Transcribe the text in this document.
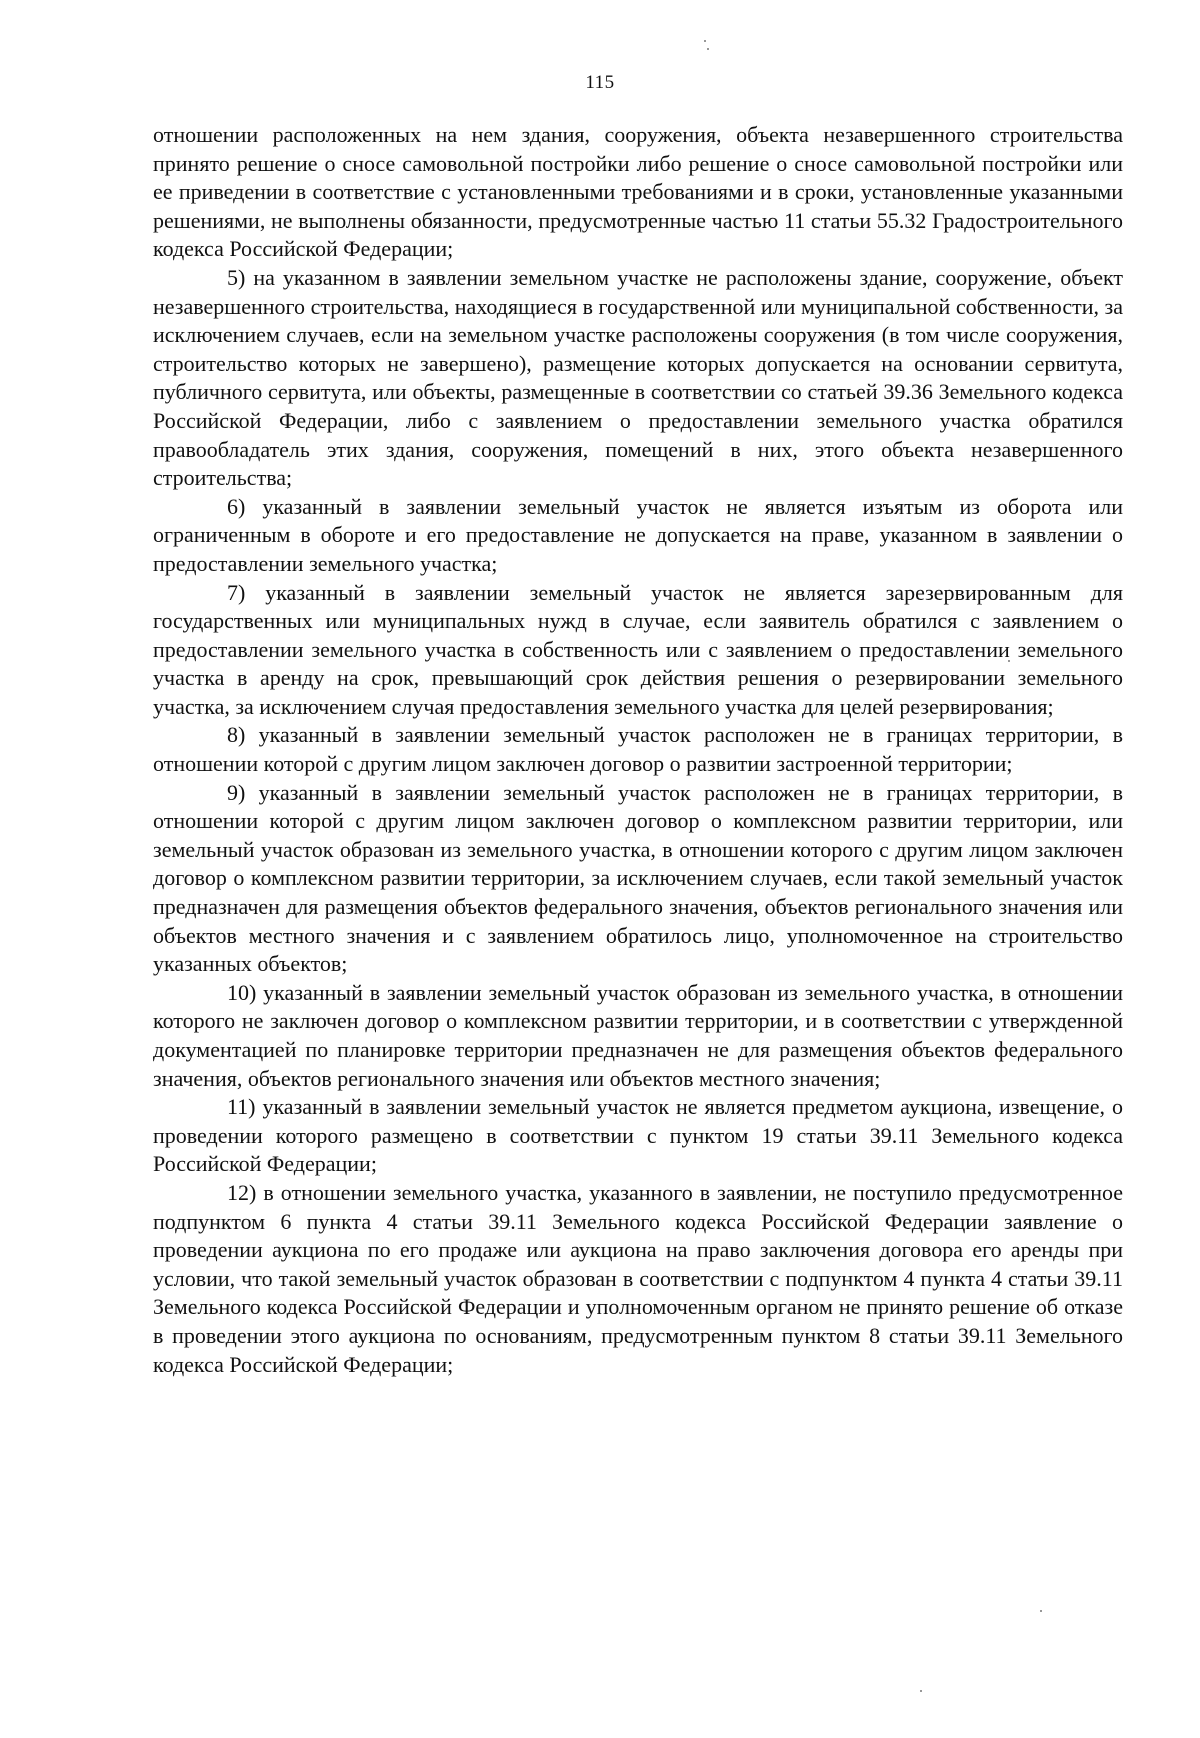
115

отношении расположенных на нем здания, сооружения, объекта незавершенного строительства принято решение о сносе самовольной постройки либо решение о сносе самовольной постройки или ее приведении в соответствие с установленными требованиями и в сроки, установленные указанными решениями, не выполнены обязанности, предусмотренные частью 11 статьи 55.32 Градостроительного кодекса Российской Федерации;

5) на указанном в заявлении земельном участке не расположены здание, сооружение, объект незавершенного строительства, находящиеся в государственной или муниципальной собственности, за исключением случаев, если на земельном участке расположены сооружения (в том числе сооружения, строительство которых не завершено), размещение которых допускается на основании сервитута, публичного сервитута, или объекты, размещенные в соответствии со статьей 39.36 Земельного кодекса Российской Федерации, либо с заявлением о предоставлении земельного участка обратился правообладатель этих здания, сооружения, помещений в них, этого объекта незавершенного строительства;

6) указанный в заявлении земельный участок не является изъятым из оборота или ограниченным в обороте и его предоставление не допускается на праве, указанном в заявлении о предоставлении земельного участка;

7) указанный в заявлении земельный участок не является зарезервированным для государственных или муниципальных нужд в случае, если заявитель обратился с заявлением о предоставлении земельного участка в собственность или с заявлением о предоставлении земельного участка в аренду на срок, превышающий срок действия решения о резервировании земельного участка, за исключением случая предоставления земельного участка для целей резервирования;

8) указанный в заявлении земельный участок расположен не в границах территории, в отношении которой с другим лицом заключен договор о развитии застроенной территории;

9) указанный в заявлении земельный участок расположен не в границах территории, в отношении которой с другим лицом заключен договор о комплексном развитии территории, или земельный участок образован из земельного участка, в отношении которого с другим лицом заключен договор о комплексном развитии территории, за исключением случаев, если такой земельный участок предназначен для размещения объектов федерального значения, объектов регионального значения или объектов местного значения и с заявлением обратилось лицо, уполномоченное на строительство указанных объектов;

10) указанный в заявлении земельный участок образован из земельного участка, в отношении которого не заключен договор о комплексном развитии территории, и в соответствии с утвержденной документацией по планировке территории предназначен не для размещения объектов федерального значения, объектов регионального значения или объектов местного значения;

11) указанный в заявлении земельный участок не является предметом аукциона, извещение, о проведении которого размещено в соответствии с пунктом 19 статьи 39.11 Земельного кодекса Российской Федерации;

12) в отношении земельного участка, указанного в заявлении, не поступило предусмотренное подпунктом 6 пункта 4 статьи 39.11 Земельного кодекса Российской Федерации заявление о проведении аукциона по его продаже или аукциона на право заключения договора его аренды при условии, что такой земельный участок образован в соответствии с подпунктом 4 пункта 4 статьи 39.11 Земельного кодекса Российской Федерации и уполномоченным органом не принято решение об отказе в проведении этого аукциона по основаниям, предусмотренным пунктом 8 статьи 39.11 Земельного кодекса Российской Федерации;
